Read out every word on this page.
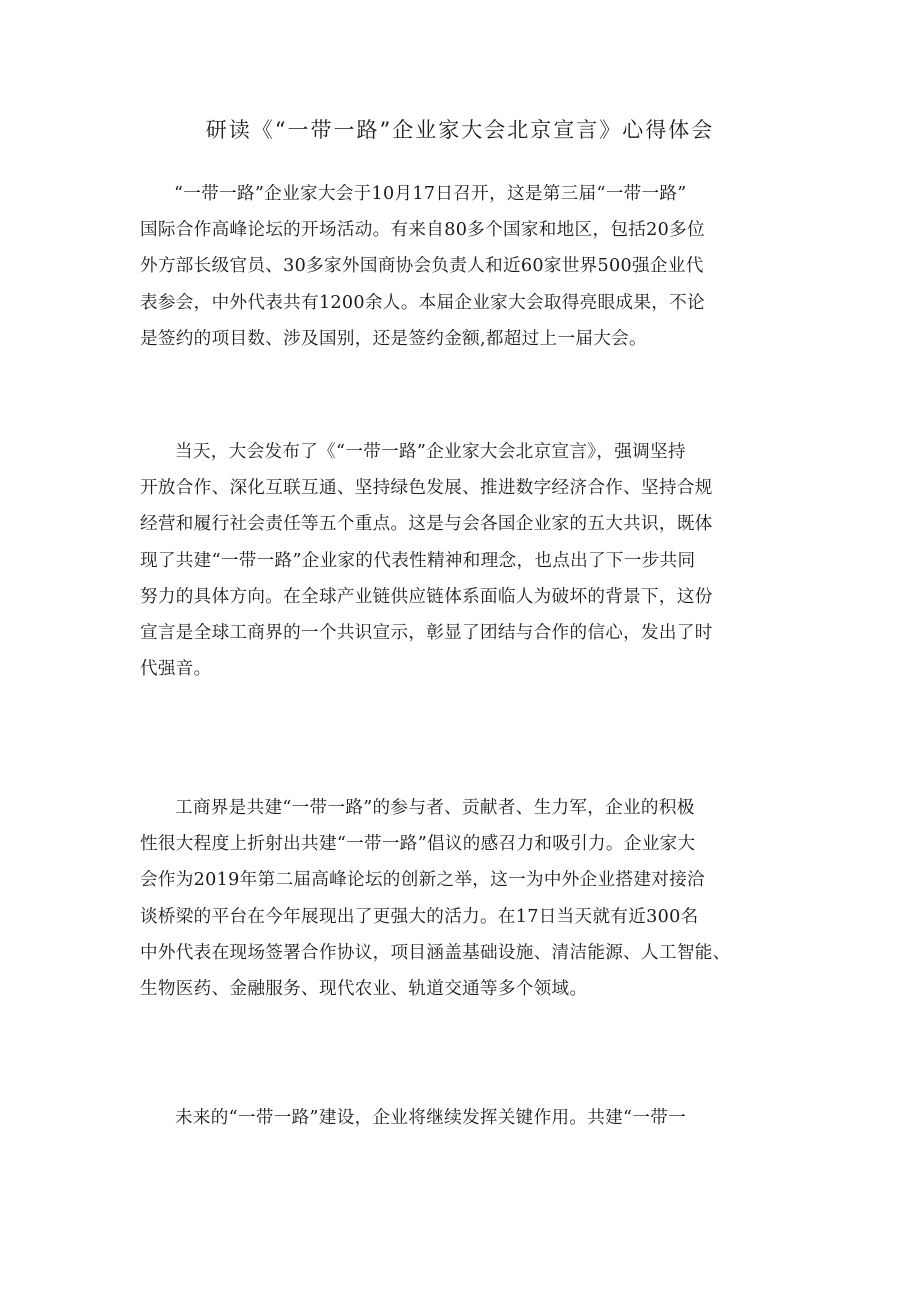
研读《“一带一路”企业家大会北京宣言》心得体会
“一带一路”企业家大会于10月17日召开，这是第三届“一带一路”
国际合作高峰论坛的开场活动。有来自80多个国家和地区，包括20多位
外方部长级官员、30多家外国商协会负责人和近60家世界500强企业代
表参会，中外代表共有1200余人。本届企业家大会取得亮眼成果，不论
是签约的项目数、涉及国别，还是签约金额,都超过上一届大会。
当天，大会发布了《“一带一路”企业家大会北京宣言》，强调坚持
开放合作、深化互联互通、坚持绿色发展、推进数字经济合作、坚持合规
经营和履行社会责任等五个重点。这是与会各国企业家的五大共识，既体
现了共建“一带一路”企业家的代表性精神和理念，也点出了下一步共同
努力的具体方向。在全球产业链供应链体系面临人为破坏的背景下，这份
宣言是全球工商界的一个共识宣示，彰显了团结与合作的信心，发出了时
代强音。
工商界是共建“一带一路”的参与者、贡献者、生力军，企业的积极
性很大程度上折射出共建“一带一路”倡议的感召力和吸引力。企业家大
会作为2019年第二届高峰论坛的创新之举，这一为中外企业搭建对接洽
谈桥梁的平台在今年展现出了更强大的活力。在17日当天就有近300名
中外代表在现场签署合作协议，项目涵盖基础设施、清洁能源、人工智能、
生物医药、金融服务、现代农业、轨道交通等多个领域。
未来的“一带一路”建设，企业将继续发挥关键作用。共建“一带一
